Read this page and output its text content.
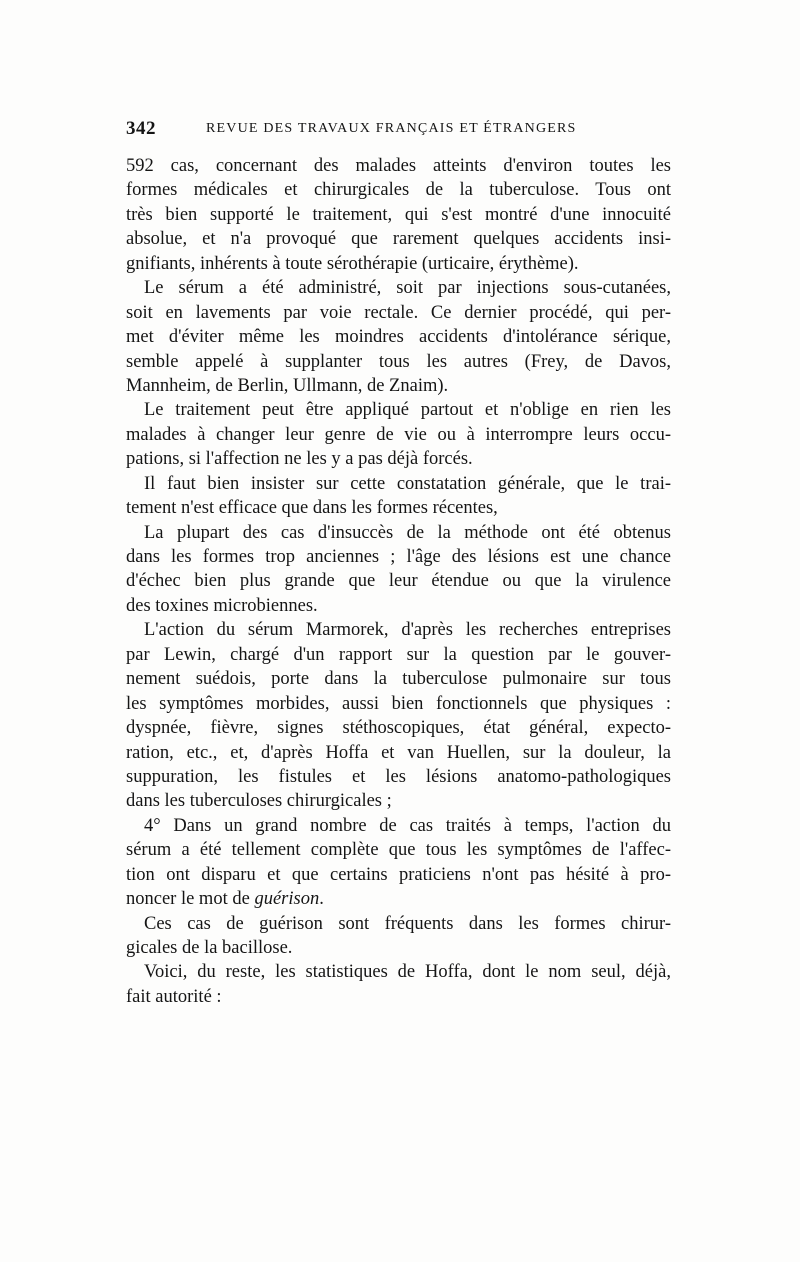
342	REVUE DES TRAVAUX FRANÇAIS ET ÉTRANGERS
592 cas, concernant des malades atteints d'environ toutes les
formes médicales et chirurgicales de la tuberculose. Tous ont
très bien supporté le traitement, qui s'est montré d'une innocuité
absolue, et n'a provoqué que rarement quelques accidents insi-
gnifiants, inhérents à toute sérothérapie (urticaire, érythème).
Le sérum a été administré, soit par injections sous-cutanées,
soit en lavements par voie rectale. Ce dernier procédé, qui per-
met d'éviter même les moindres accidents d'intolérance sérique,
semble appelé à supplanter tous les autres (Frey, de Davos,
Mannheim, de Berlin, Ullmann, de Znaim).
Le traitement peut être appliqué partout et n'oblige en rien les
malades à changer leur genre de vie ou à interrompre leurs occu-
pations, si l'affection ne les y a pas déjà forcés.
Il faut bien insister sur cette constatation générale, que le trai-
tement n'est efficace que dans les formes récentes,
La plupart des cas d'insuccès de la méthode ont été obtenus
dans les formes trop anciennes ; l'âge des lésions est une chance
d'échec bien plus grande que leur étendue ou que la virulence
des toxines microbiennes.
L'action du sérum Marmorek, d'après les recherches entreprises
par Lewin, chargé d'un rapport sur la question par le gouver-
nement suédois, porte dans la tuberculose pulmonaire sur tous
les symptômes morbides, aussi bien fonctionnels que physiques :
dyspnée, fièvre, signes stéthoscopiques, état général, expecto-
ration, etc., et, d'après Hoffa et van Huellen, sur la douleur, la
suppuration, les fistules et les lésions anatomo-pathologiques
dans les tuberculoses chirurgicales ;
4° Dans un grand nombre de cas traités à temps, l'action du
sérum a été tellement complète que tous les symptômes de l'affec-
tion ont disparu et que certains praticiens n'ont pas hésité à pro-
noncer le mot de guérison.
Ces cas de guérison sont fréquents dans les formes chirur-
gicales de la bacillose.
Voici, du reste, les statistiques de Hoffa, dont le nom seul, déjà,
fait autorité :
